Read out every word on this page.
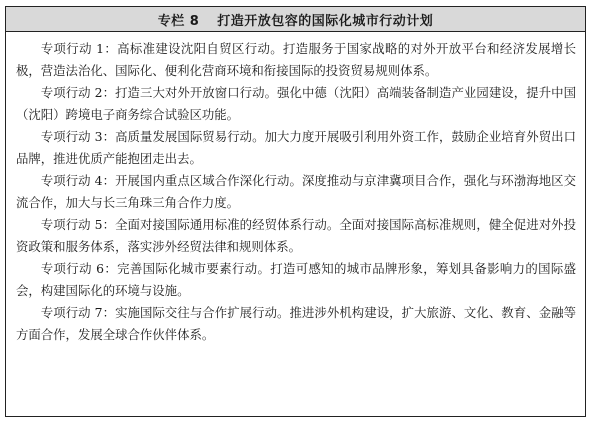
专栏 8 打造开放包容的国际化城市行动计划

专项行动 1：高标准建设沈阳自贸区行动。打造服务于国家战略的对外开放平台和经济发展增长极，营造法治化、国际化、便利化营商环境和衔接国际的投资贸易规则体系。

专项行动 2：打造三大对外开放窗口行动。强化中德（沈阳）高端装备制造产业园建设，提升中国（沈阳）跨境电子商务综合试验区功能。

专项行动 3：高质量发展国际贸易行动。加大力度开展吸引利用外资工作，鼓励企业培育外贸出口品牌，推进优质产能抱团走出去。

专项行动 4：开展国内重点区域合作深化行动。深度推动与京津冀项目合作，强化与环渤海地区交流合作，加大与长三角珠三角合作力度。

专项行动 5：全面对接国际通用标准的经贸体系行动。全面对接国际高标准规则，健全促进对外投资政策和服务体系，落实涉外经贸法律和规则体系。

专项行动 6：完善国际化城市要素行动。打造可感知的城市品牌形象，筹划具备影响力的国际盛会，构建国际化的环境与设施。

专项行动 7：实施国际交往与合作扩展行动。推进涉外机构建设，扩大旅游、文化、教育、金融等方面合作，发展全球合作伙伴体系。
